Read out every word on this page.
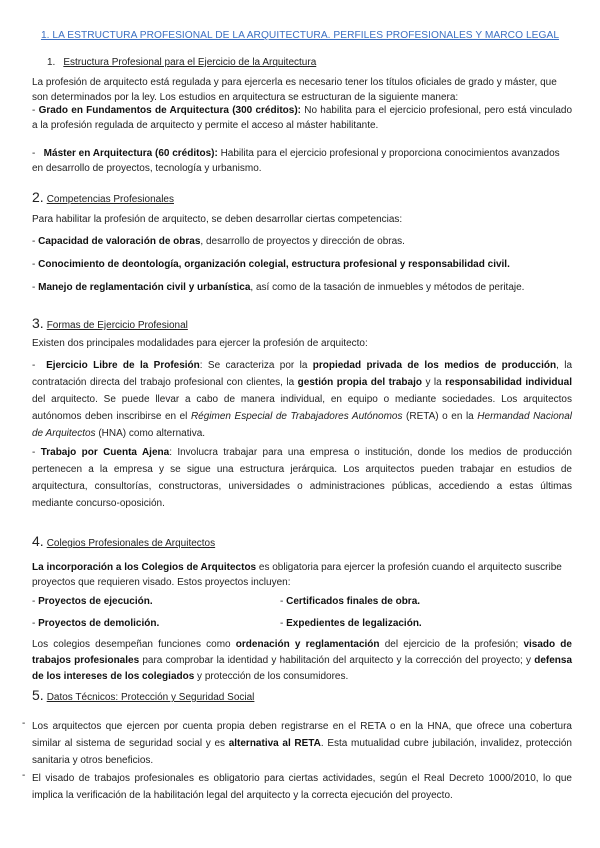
1. LA ESTRUCTURA PROFESIONAL DE LA ARQUITECTURA. PERFILES PROFESIONALES Y MARCO LEGAL
1. Estructura Profesional para el Ejercicio de la Arquitectura
La profesión de arquitecto está regulada y para ejercerla es necesario tener los títulos oficiales de grado y máster, que son determinados por la ley. Los estudios en arquitectura se estructuran de la siguiente manera:
- Grado en Fundamentos de Arquitectura (300 créditos): No habilita para el ejercicio profesional, pero está vinculado a la profesión regulada de arquitecto y permite el acceso al máster habilitante.
-   Máster en Arquitectura (60 créditos): Habilita para el ejercicio profesional y proporciona conocimientos avanzados en desarrollo de proyectos, tecnología y urbanismo.
2. Competencias Profesionales
Para habilitar la profesión de arquitecto, se deben desarrollar ciertas competencias:
- Capacidad de valoración de obras, desarrollo de proyectos y dirección de obras.
- Conocimiento de deontología, organización colegial, estructura profesional y responsabilidad civil.
- Manejo de reglamentación civil y urbanística, así como de la tasación de inmuebles y métodos de peritaje.
3. Formas de Ejercicio Profesional
Existen dos principales modalidades para ejercer la profesión de arquitecto:
-  Ejercicio Libre de la Profesión: Se caracteriza por la propiedad privada de los medios de producción, la contratación directa del trabajo profesional con clientes, la gestión propia del trabajo y la responsabilidad individual del arquitecto. Se puede llevar a cabo de manera individual, en equipo o mediante sociedades. Los arquitectos autónomos deben inscribirse en el Régimen Especial de Trabajadores Autónomos (RETA) o en la Hermandad Nacional de Arquitectos (HNA) como alternativa.
- Trabajo por Cuenta Ajena: Involucra trabajar para una empresa o institución, donde los medios de producción pertenecen a la empresa y se sigue una estructura jerárquica. Los arquitectos pueden trabajar en estudios de arquitectura, consultorías, constructoras, universidades o administraciones públicas, accediendo a estas últimas mediante concurso-oposición.
4. Colegios Profesionales de Arquitectos
La incorporación a los Colegios de Arquitectos es obligatoria para ejercer la profesión cuando el arquitecto suscribe proyectos que requieren visado. Estos proyectos incluyen:
- Proyectos de ejecución.	- Certificados finales de obra.
- Proyectos de demolición.	- Expedientes de legalización.
Los colegios desempeñan funciones como ordenación y reglamentación del ejercicio de la profesión; visado de trabajos profesionales para comprobar la identidad y habilitación del arquitecto y la corrección del proyecto; y defensa de los intereses de los colegiados y protección de los consumidores.
5. Datos Técnicos: Protección y Seguridad Social
- Los arquitectos que ejercen por cuenta propia deben registrarse en el RETA o en la HNA, que ofrece una cobertura similar al sistema de seguridad social y es alternativa al RETA. Esta mutualidad cubre jubilación, invalidez, protección sanitaria y otros beneficios.
- El visado de trabajos profesionales es obligatorio para ciertas actividades, según el Real Decreto 1000/2010, lo que implica la verificación de la habilitación legal del arquitecto y la correcta ejecución del proyecto.
